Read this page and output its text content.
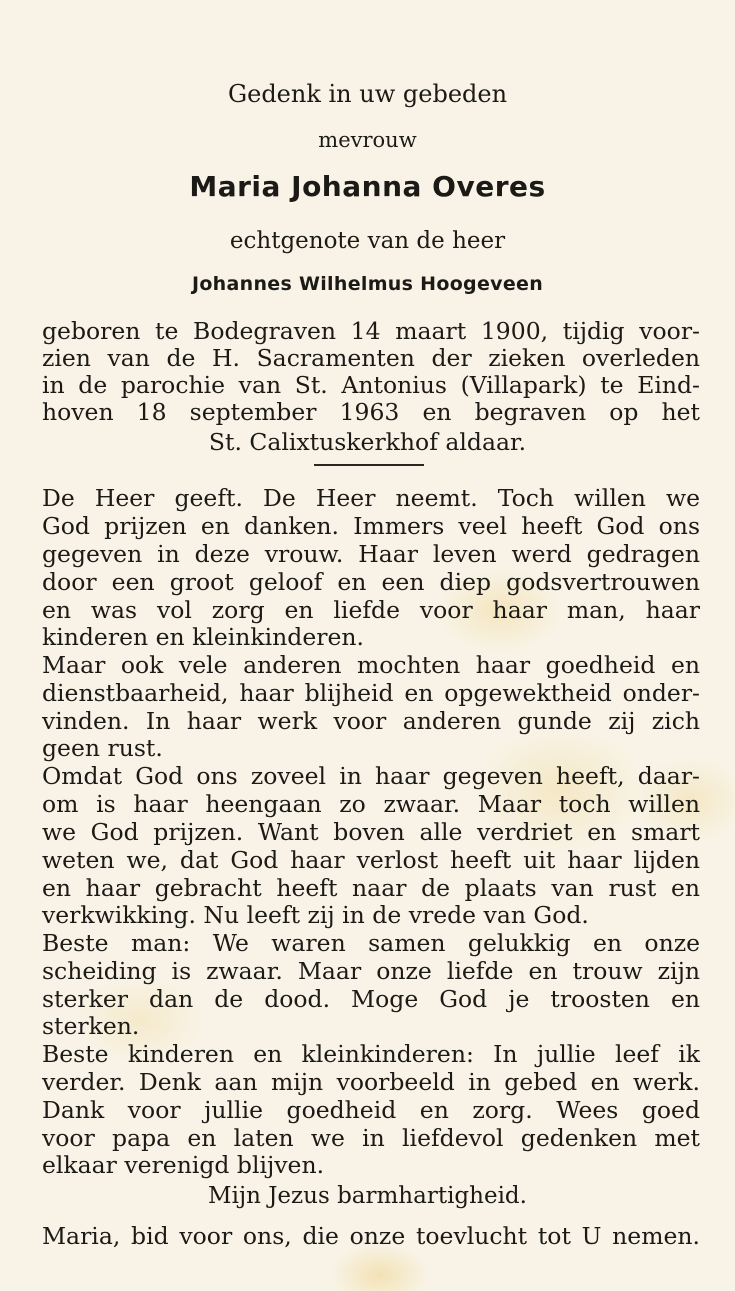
Gedenk in uw gebeden
mevrouw
Maria Johanna Overes
echtgenote van de heer
Johannes Wilhelmus Hoogeveen
geboren te Bodegraven 14 maart 1900, tijdig voor-
zien van de H. Sacramenten der zieken overleden
in de parochie van St. Antonius (Villapark) te Eind-
hoven 18 september 1963 en begraven op het
St. Calixtuskerkhof aldaar.
De Heer geeft. De Heer neemt. Toch willen we
God prijzen en danken. Immers veel heeft God ons
gegeven in deze vrouw. Haar leven werd gedragen
door een groot geloof en een diep godsvertrouwen
en was vol zorg en liefde voor haar man, haar
kinderen en kleinkinderen.
Maar ook vele anderen mochten haar goedheid en
dienstbaarheid, haar blijheid en opgewektheid onder-
vinden. In haar werk voor anderen gunde zij zich
geen rust.
Omdat God ons zoveel in haar gegeven heeft, daar-
om is haar heengaan zo zwaar. Maar toch willen
we God prijzen. Want boven alle verdriet en smart
weten we, dat God haar verlost heeft uit haar lijden
en haar gebracht heeft naar de plaats van rust en
verkwikking. Nu leeft zij in de vrede van God.
Beste man: We waren samen gelukkig en onze
scheiding is zwaar. Maar onze liefde en trouw zijn
sterker dan de dood. Moge God je troosten en
sterken.
Beste kinderen en kleinkinderen: In jullie leef ik
verder. Denk aan mijn voorbeeld in gebed en werk.
Dank voor jullie goedheid en zorg. Wees goed
voor papa en laten we in liefdevol gedenken met
elkaar verenigd blijven.
Mijn Jezus barmhartigheid.
Maria, bid voor ons, die onze toevlucht tot U nemen.
